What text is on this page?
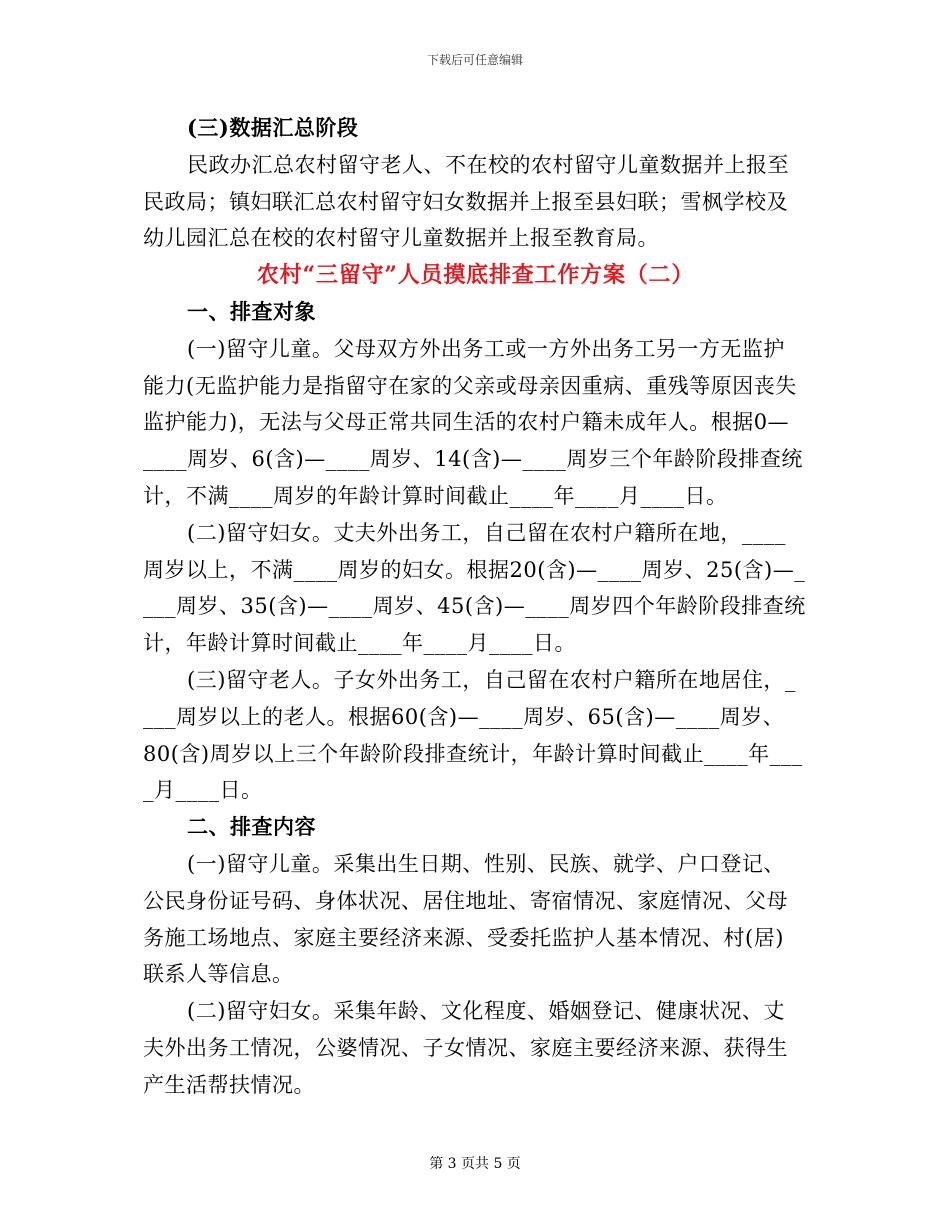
下载后可任意编辑

(三)数据汇总阶段

民政办汇总农村留守老人、不在校的农村留守儿童数据并上报至

民政局；镇妇联汇总农村留守妇女数据并上报至县妇联；雪枫学校及

幼儿园汇总在校的农村留守儿童数据并上报至教育局。

农村“三留守”人员摸底排查工作方案（二）

一、排查对象

(一)留守儿童。父母双方外出务工或一方外出务工另一方无监护

能力(无监护能力是指留守在家的父亲或母亲因重病、重残等原因丧失

监护能力)，无法与父母正常共同生活的农村户籍未成年人。根据0—

____周岁、6(含)—____周岁、14(含)—____周岁三个年龄阶段排查统

计，不满____周岁的年龄计算时间截止____年____月____日。

(二)留守妇女。丈夫外出务工，自己留在农村户籍所在地，____

周岁以上，不满____周岁的妇女。根据20(含)—____周岁、25(含)—_

___周岁、35(含)—____周岁、45(含)—____周岁四个年龄阶段排查统

计，年龄计算时间截止____年____月____日。

(三)留守老人。子女外出务工，自己留在农村户籍所在地居住，_

___周岁以上的老人。根据60(含)—____周岁、65(含)—____周岁、

80(含)周岁以上三个年龄阶段排查统计，年龄计算时间截止____年___

_月____日。

二、排查内容

(一)留守儿童。采集出生日期、性别、民族、就学、户口登记、

公民身份证号码、身体状况、居住地址、寄宿情况、家庭情况、父母

务施工场地点、家庭主要经济来源、受委托监护人基本情况、村(居)

联系人等信息。

(二)留守妇女。采集年龄、文化程度、婚姻登记、健康状况、丈

夫外出务工情况，公婆情况、子女情况、家庭主要经济来源、获得生

产生活帮扶情况。

第 3 页共 5 页
